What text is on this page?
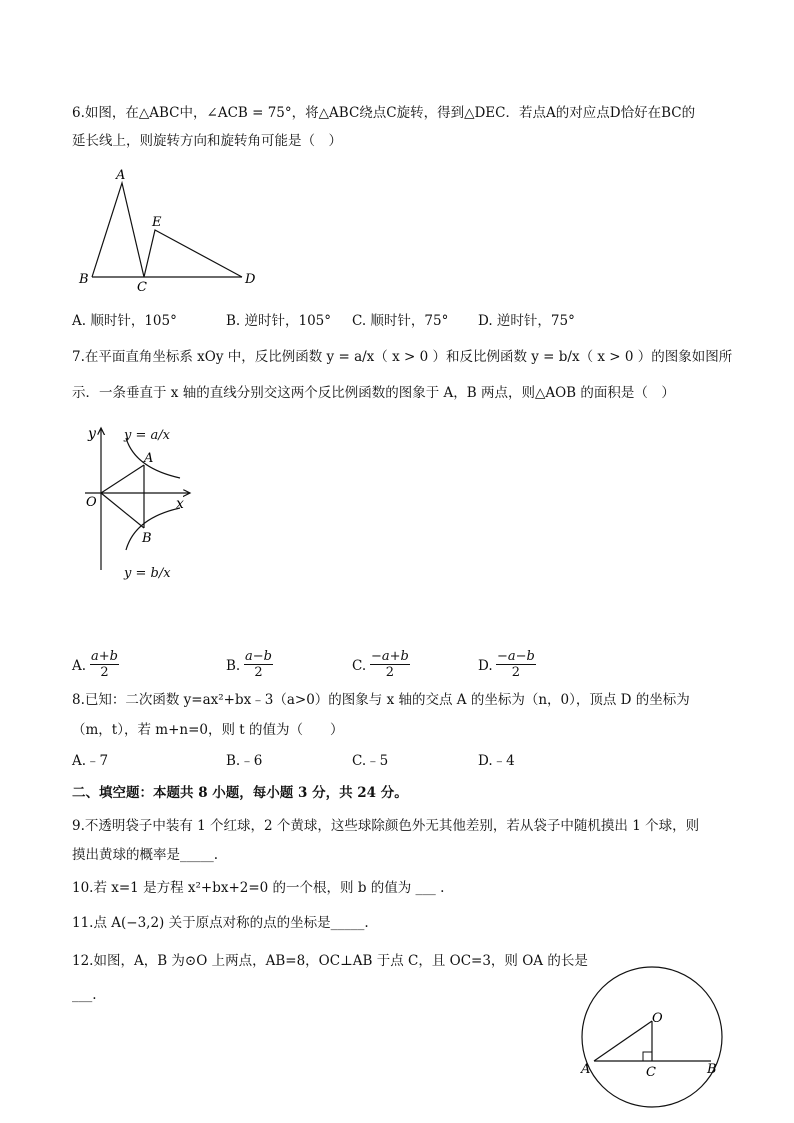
6.如图，在△ABC中，∠ACB = 75°，将△ABC绕点C旋转，得到△DEC．若点A的对应点D恰好在BC的
延长线上，则旋转方向和旋转角可能是（　）
A
B
C
E
D
A. 顺时针，105°	B. 逆时针，105° C. 顺时针，75° D. 逆时针，75°
7.在平面直角坐标系 xOy 中，反比例函数 y = a/x（ x > 0 ）和反比例函数 y = b/x（ x > 0 ）的图象如图所
示．一条垂直于 x 轴的直线分别交这两个反比例函数的图象于 A，B 两点，则△AOB 的面积是（　）
y
x
O
A
B
y = a/x
y = b/x
A. $\frac{a+b}{2}$	B. $\frac{a-b}{2}$	C. $\frac{-a+b}{2}$	D. $\frac{-a-b}{2}$
8.已知：二次函数 y=ax²+bx﹣3（a>0）的图象与 x 轴的交点 A 的坐标为（n，0），顶点 D 的坐标为
（m，t），若 m+n=0，则 t 的值为（　　）
A.﹣7	B.﹣6	C.﹣5	D.﹣4
二、填空题：本题共 8 小题，每小题 3 分，共 24 分。
9.不透明袋子中装有 1 个红球，2 个黄球，这些球除颜色外无其他差别，若从袋子中随机摸出 1 个球，则
摸出黄球的概率是_____.
10.若 x=1 是方程 x²+bx+2=0 的一个根，则 b 的值为 ___ .
11.点 A(−3,2) 关于原点对称的点的坐标是_____.
12.如图，A，B 为⊙O 上两点，AB=8，OC⊥AB 于点 C，且 OC=3，则 OA 的长是
___.
O
A	C	B
